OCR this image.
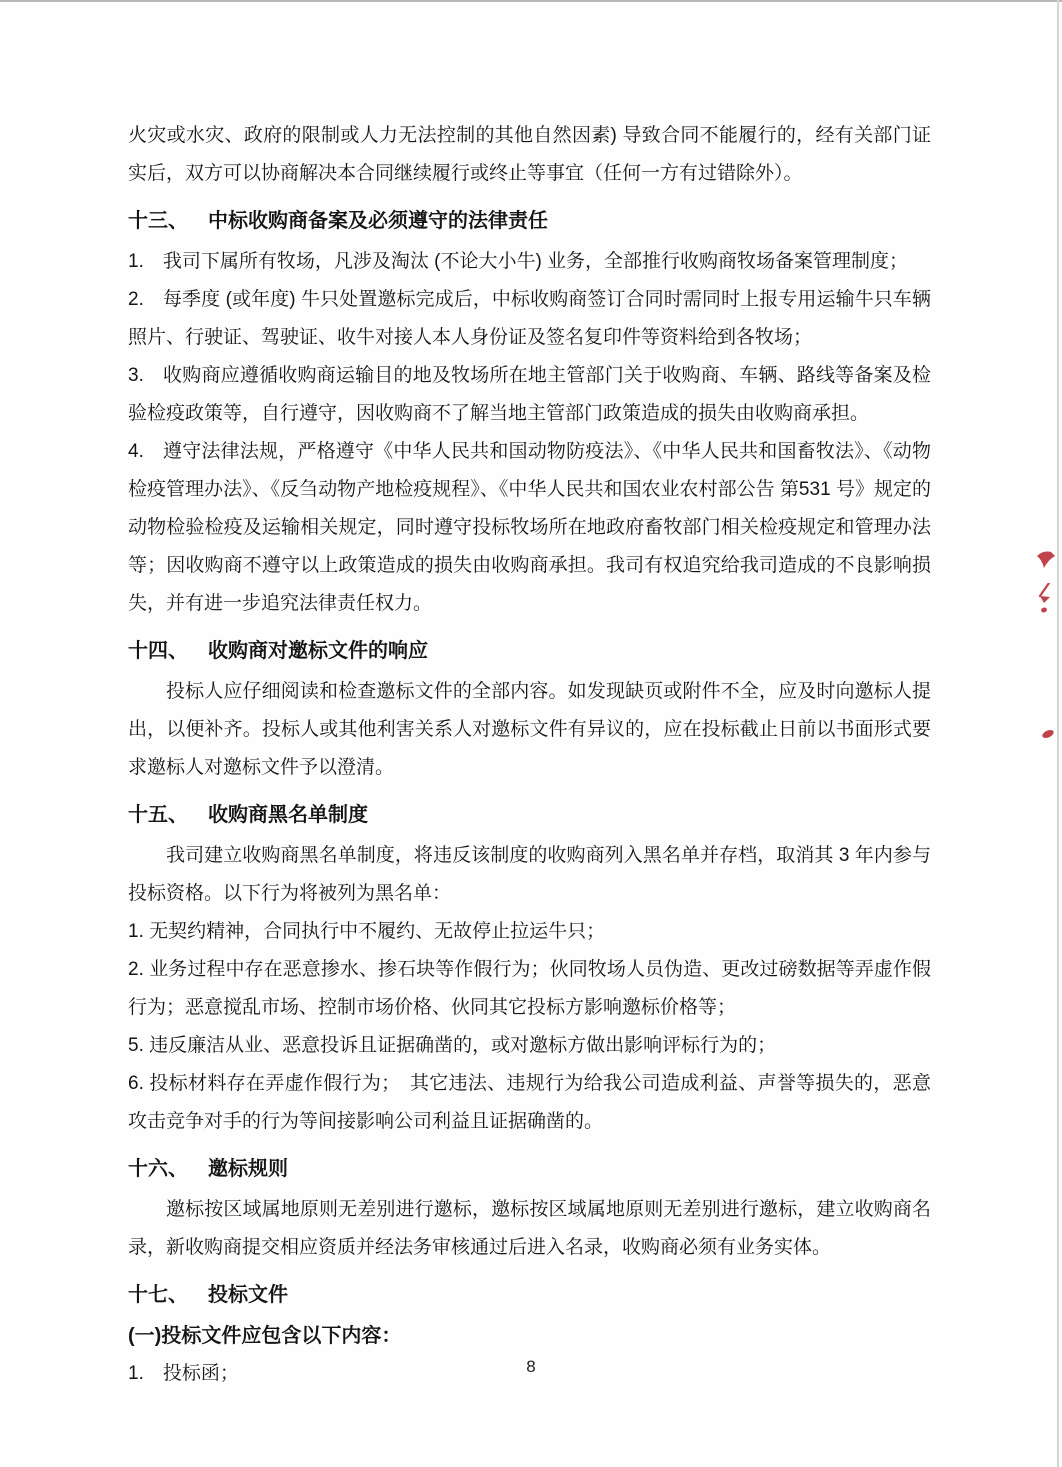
火灾或水灾、政府的限制或人力无法控制的其他自然因素) 导致合同不能履行的，经有关部门证实后，双方可以协商解决本合同继续履行或终止等事宜（任何一方有过错除外）。

十三、 中标收购商备案及必须遵守的法律责任

1. 我司下属所有牧场，凡涉及淘汰 (不论大小牛) 业务，全部推行收购商牧场备案管理制度；

2. 每季度 (或年度) 牛只处置邀标完成后，中标收购商签订合同时需同时上报专用运输牛只车辆照片、行驶证、驾驶证、收牛对接人本人身份证及签名复印件等资料给到各牧场；

3. 收购商应遵循收购商运输目的地及牧场所在地主管部门关于收购商、车辆、路线等备案及检验检疫政策等，自行遵守，因收购商不了解当地主管部门政策造成的损失由收购商承担。

4. 遵守法律法规，严格遵守《中华人民共和国动物防疫法》、《中华人民共和国畜牧法》、《动物检疫管理办法》、《反刍动物产地检疫规程》、《中华人民共和国农业农村部公告 第531 号》规定的动物检验检疫及运输相关规定，同时遵守投标牧场所在地政府畜牧部门相关检疫规定和管理办法等；因收购商不遵守以上政策造成的损失由收购商承担。我司有权追究给我司造成的不良影响损失，并有进一步追究法律责任权力。

十四、 收购商对邀标文件的响应

投标人应仔细阅读和检查邀标文件的全部内容。如发现缺页或附件不全，应及时向邀标人提出，以便补齐。投标人或其他利害关系人对邀标文件有异议的，应在投标截止日前以书面形式要求邀标人对邀标文件予以澄清。

十五、 收购商黑名单制度

我司建立收购商黑名单制度，将违反该制度的收购商列入黑名单并存档，取消其 3 年内参与投标资格。以下行为将被列为黑名单：

1. 无契约精神，合同执行中不履约、无故停止拉运牛只；

2. 业务过程中存在恶意掺水、掺石块等作假行为；伙同牧场人员伪造、更改过磅数据等弄虚作假行为；恶意搅乱市场、控制市场价格、伙同其它投标方影响邀标价格等；

5. 违反廉洁从业、恶意投诉且证据确凿的，或对邀标方做出影响评标行为的；

6. 投标材料存在弄虚作假行为； 其它违法、违规行为给我公司造成利益、声誉等损失的，恶意攻击竞争对手的行为等间接影响公司利益且证据确凿的。

十六、 邀标规则

邀标按区域属地原则无差别进行邀标，邀标按区域属地原则无差别进行邀标，建立收购商名录，新收购商提交相应资质并经法务审核通过后进入名录，收购商必须有业务实体。

十七、 投标文件

(一)投标文件应包含以下内容：

1. 投标函；	8
